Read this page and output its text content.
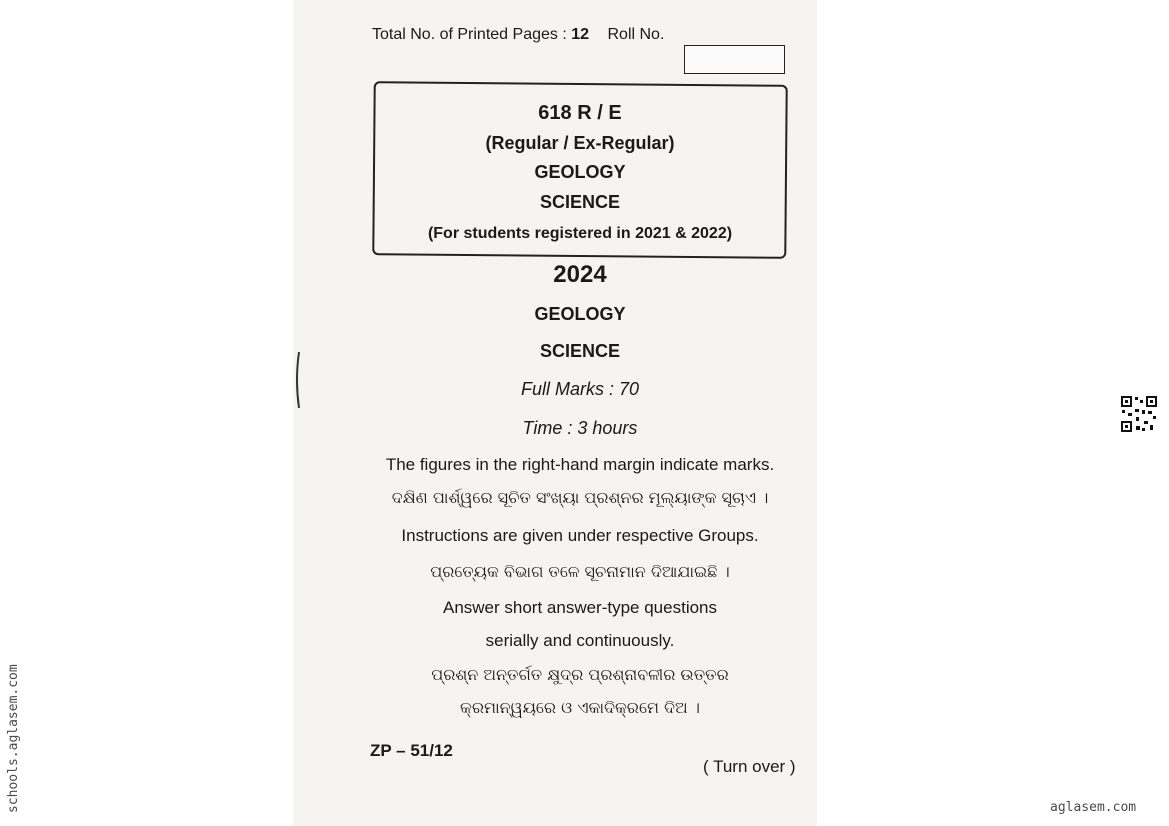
Total No. of Printed Pages : 12 Roll No.
618 R / E
(Regular / Ex-Regular)
GEOLOGY
SCIENCE
(For students registered in 2021 & 2022)
2024
GEOLOGY
SCIENCE
Full Marks : 70
Time : 3 hours
The figures in the right-hand margin indicate marks.
ଦକ୍ଷିଣ ପାର୍ଶ୍ୱରେ ସୂଚିତ ସଂଖ୍ୟା ପ୍ରଶ୍ନର ମୂଲ୍ୟାଙ୍କ ସୂଚାଏ ।
Instructions are given under respective Groups.
ପ୍ରତ୍ୟେକ ବିଭାଗ ତଳେ ସୂଚନାମାନ ଦିଆଯାଇଛି ।
Answer short answer-type questions
serially and continuously.
ପ୍ରଶ୍ନ ଅନ୍ତର୍ଗତ କ୍ଷୁଦ୍ର ପ୍ରଶ୍ନାବଳୀର ଉତ୍ତର
କ୍ରମାନ୍ୱୟରେ ଓ ଏକାଦିକ୍ରମେ ଦିଅ ।
ZP – 51/12
( Turn over )
schools.aglasem.com	aglasem.com
